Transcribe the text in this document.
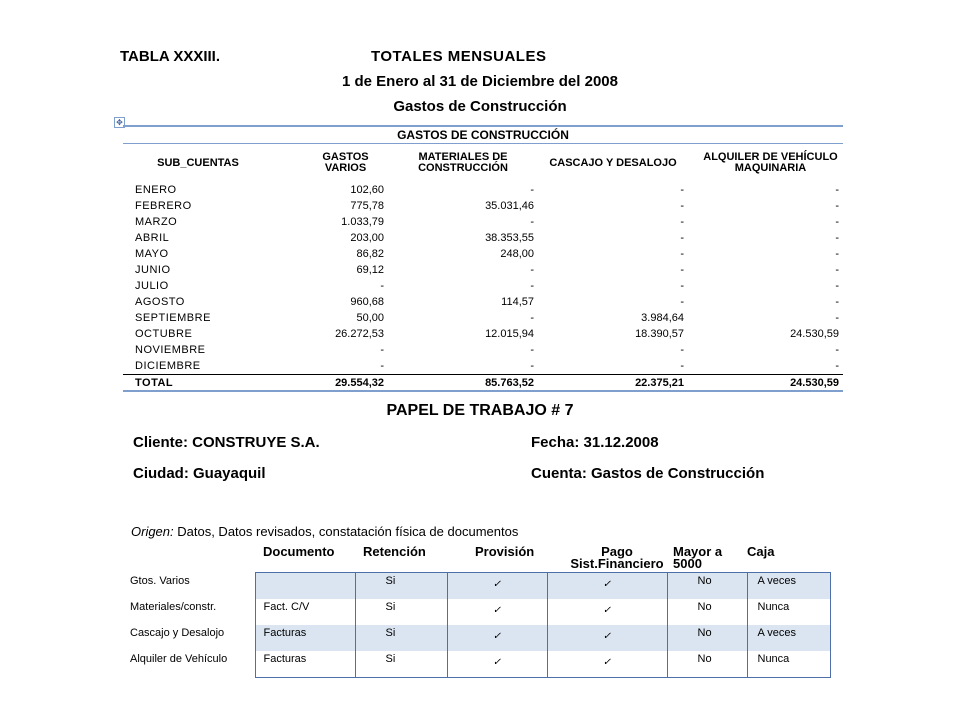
TABLA XXXIII.	TOTALES MENSUALES
1 de Enero al 31 de Diciembre del 2008
Gastos de Construcción
✥
GASTOS DE CONSTRUCCIÓN
SUB_CUENTAS	GASTOS VARIOS	MATERIALES DE CONSTRUCCIÓN	CASCAJO Y DESALOJO	ALQUILER DE VEHÍCULO MAQUINARIA
ENERO	102,60	-	-	-
FEBRERO	775,78	35.031,46	-	-
MARZO	1.033,79	-	-	-
ABRIL	203,00	38.353,55	-	-
MAYO	86,82	248,00	-	-
JUNIO	69,12	-	-	-
JULIO	-	-	-	-
AGOSTO	960,68	114,57	-	-
SEPTIEMBRE	50,00	-	3.984,64	-
OCTUBRE	26.272,53	12.015,94	18.390,57	24.530,59
NOVIEMBRE	-	-	-	-
DICIEMBRE	-	-	-	-
TOTAL	29.554,32	85.763,52	22.375,21	24.530,59
PAPEL DE TRABAJO # 7
Cliente: CONSTRUYE S.A.	Fecha: 31.12.2008
Ciudad: Guayaquil	Cuenta: Gastos de Construcción
Origen: Datos, Datos revisados, constatación física de documentos
	Documento	Retención	Provisión	Pago Sist.Financiero	Mayor a 5000	Caja
Gtos. Varios		Si	✓	✓	No	A veces
Materiales/constr.	Fact. C/V	Si	✓	✓	No	Nunca
Cascajo y Desalojo	Facturas	Si	✓	✓	No	A veces
Alquiler de Vehículo	Facturas	Si	✓	✓	No	Nunca
